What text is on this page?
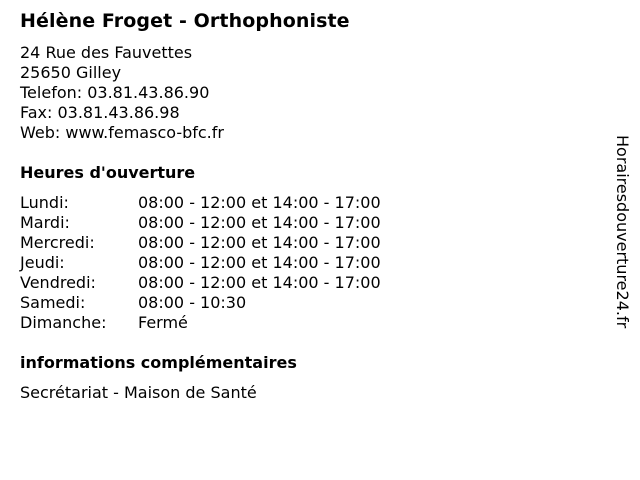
Hélène Froget - Orthophoniste
24 Rue des Fauvettes
25650 Gilley
Telefon: 03.81.43.86.90
Fax: 03.81.43.86.98
Web: www.femasco-bfc.fr
Heures d'ouverture
Lundi:	08:00 - 12:00 et 14:00 - 17:00
Mardi:	08:00 - 12:00 et 14:00 - 17:00
Mercredi:	08:00 - 12:00 et 14:00 - 17:00
Jeudi:	08:00 - 12:00 et 14:00 - 17:00
Vendredi:	08:00 - 12:00 et 14:00 - 17:00
Samedi:	08:00 - 10:30
Dimanche: Fermé
informations complémentaires
Secrétariat - Maison de Santé
Horairesdouverture24.fr
